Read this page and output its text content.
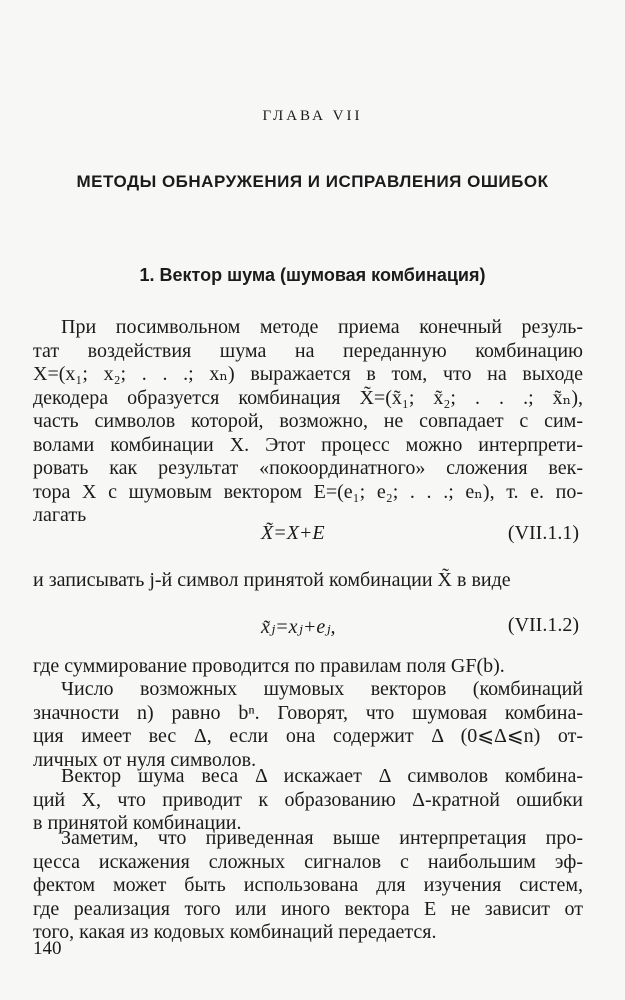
ГЛАВА VII
МЕТОДЫ ОБНАРУЖЕНИЯ И ИСПРАВЛЕНИЯ ОШИБОК
1. Вектор шума (шумовая комбинация)
При посимвольном методе приема конечный резуль-
тат воздействия шума на переданную комбинацию
X=(x₁; x₂; . . .; xₙ) выражается в том, что на выходе
декодера образуется комбинация X̃=(x̃₁; x̃₂; . . .; x̃ₙ),
часть символов которой, возможно, не совпадает с сим-
волами комбинации X. Этот процесс можно интерпрети-
ровать как результат «покоординатного» сложения век-
тора X с шумовым вектором E=(e₁; e₂; . . .; eₙ), т. е. по-
лагать
X̃=X+E	(VII.1.1)
и записывать j-й символ принятой комбинации X̃ в виде
x̃ⱼ=xⱼ+eⱼ,	(VII.1.2)
где суммирование проводится по правилам поля GF(b).
Число возможных шумовых векторов (комбинаций
значности n) равно bⁿ. Говорят, что шумовая комбина-
ция имеет вес Δ, если она содержит Δ (0⩽Δ⩽n) от-
личных от нуля символов.
Вектор шума веса Δ искажает Δ символов комбина-
ций X, что приводит к образованию Δ-кратной ошибки
в принятой комбинации.
Заметим, что приведенная выше интерпретация про-
цесса искажения сложных сигналов с наибольшим эф-
фектом может быть использована для изучения систем,
где реализация того или иного вектора E не зависит от
того, какая из кодовых комбинаций передается.
140
